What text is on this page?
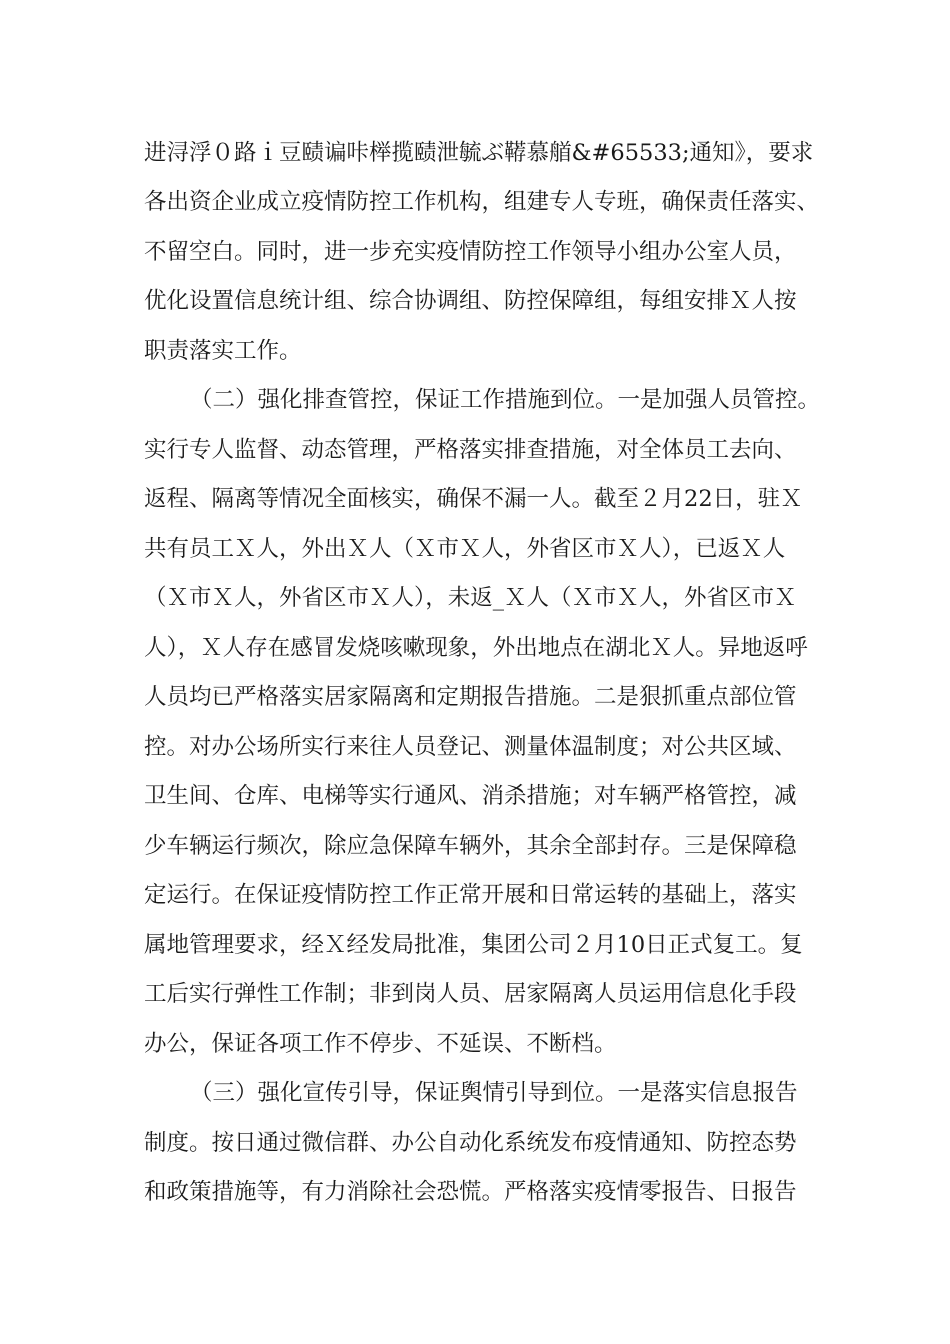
进浔浮０路ｉ豆赜谝咔榉揽赜泄毓ぶ鞯慕艏&#65533;通知》，要求
各出资企业成立疫情防控工作机构，组建专人专班，确保责任落实、
不留空白。同时，进一步充实疫情防控工作领导小组办公室人员，
优化设置信息统计组、综合协调组、防控保障组，每组安排Ｘ人按
职责落实工作。
（二）强化排查管控，保证工作措施到位。一是加强人员管控。
实行专人监督、动态管理，严格落实排查措施，对全体员工去向、
返程、隔离等情况全面核实，确保不漏一人。截至２月22日，驻Ｘ
共有员工Ｘ人，外出Ｘ人（Ｘ市Ｘ人，外省区市Ｘ人），已返Ｘ人
（Ｘ市Ｘ人，外省区市Ｘ人），未返_Ｘ人（Ｘ市Ｘ人，外省区市Ｘ
人），Ｘ人存在感冒发烧咳嗽现象，外出地点在湖北Ｘ人。异地返呼
人员均已严格落实居家隔离和定期报告措施。二是狠抓重点部位管
控。对办公场所实行来往人员登记、测量体温制度；对公共区域、
卫生间、仓库、电梯等实行通风、消杀措施；对车辆严格管控，减
少车辆运行频次，除应急保障车辆外，其余全部封存。三是保障稳
定运行。在保证疫情防控工作正常开展和日常运转的基础上，落实
属地管理要求，经Ｘ经发局批准，集团公司２月10日正式复工。复
工后实行弹性工作制；非到岗人员、居家隔离人员运用信息化手段
办公，保证各项工作不停步、不延误、不断档。
（三）强化宣传引导，保证舆情引导到位。一是落实信息报告
制度。按日通过微信群、办公自动化系统发布疫情通知、防控态势
和政策措施等，有力消除社会恐慌。严格落实疫情零报告、日报告
